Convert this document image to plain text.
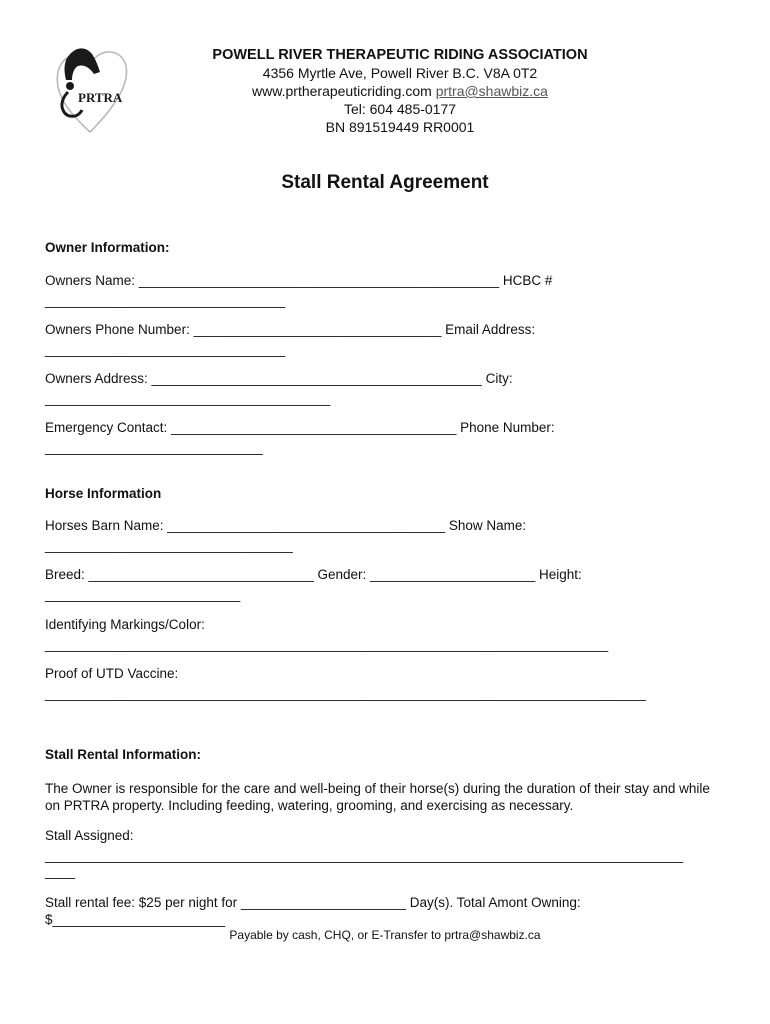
PRTRA
POWELL RIVER THERAPEUTIC RIDING ASSOCIATION
4356 Myrtle Ave, Powell River B.C. V8A 0T2
www.prtherapeuticriding.com prtra@shawbiz.ca
Tel: 604 485-0177
BN 891519449 RR0001
Stall Rental Agreement
Owner Information:
Owners Name: ________________________________________________ HCBC #
________________________________
Owners Phone Number: _________________________________ Email Address:
________________________________
Owners Address: ____________________________________________ City:
______________________________________
Emergency Contact: ______________________________________ Phone Number:
_____________________________
Horse Information
Horses Barn Name: _____________________________________ Show Name:
_________________________________
Breed: ______________________________ Gender: ______________________ Height:
__________________________
Identifying Markings/Color:
___________________________________________________________________________
Proof of UTD Vaccine:
________________________________________________________________________________
Stall Rental Information:
The Owner is responsible for the care and well-being of their horse(s) during the duration of their stay and while on PRTRA property. Including feeding, watering, grooming, and exercising as necessary.
Stall Assigned:
_____________________________________________________________________________________
____
Stall rental fee: $25 per night for ______________________ Day(s). Total Amont Owning:
$_______________________
Payable by cash, CHQ, or E-Transfer to prtra@shawbiz.ca
